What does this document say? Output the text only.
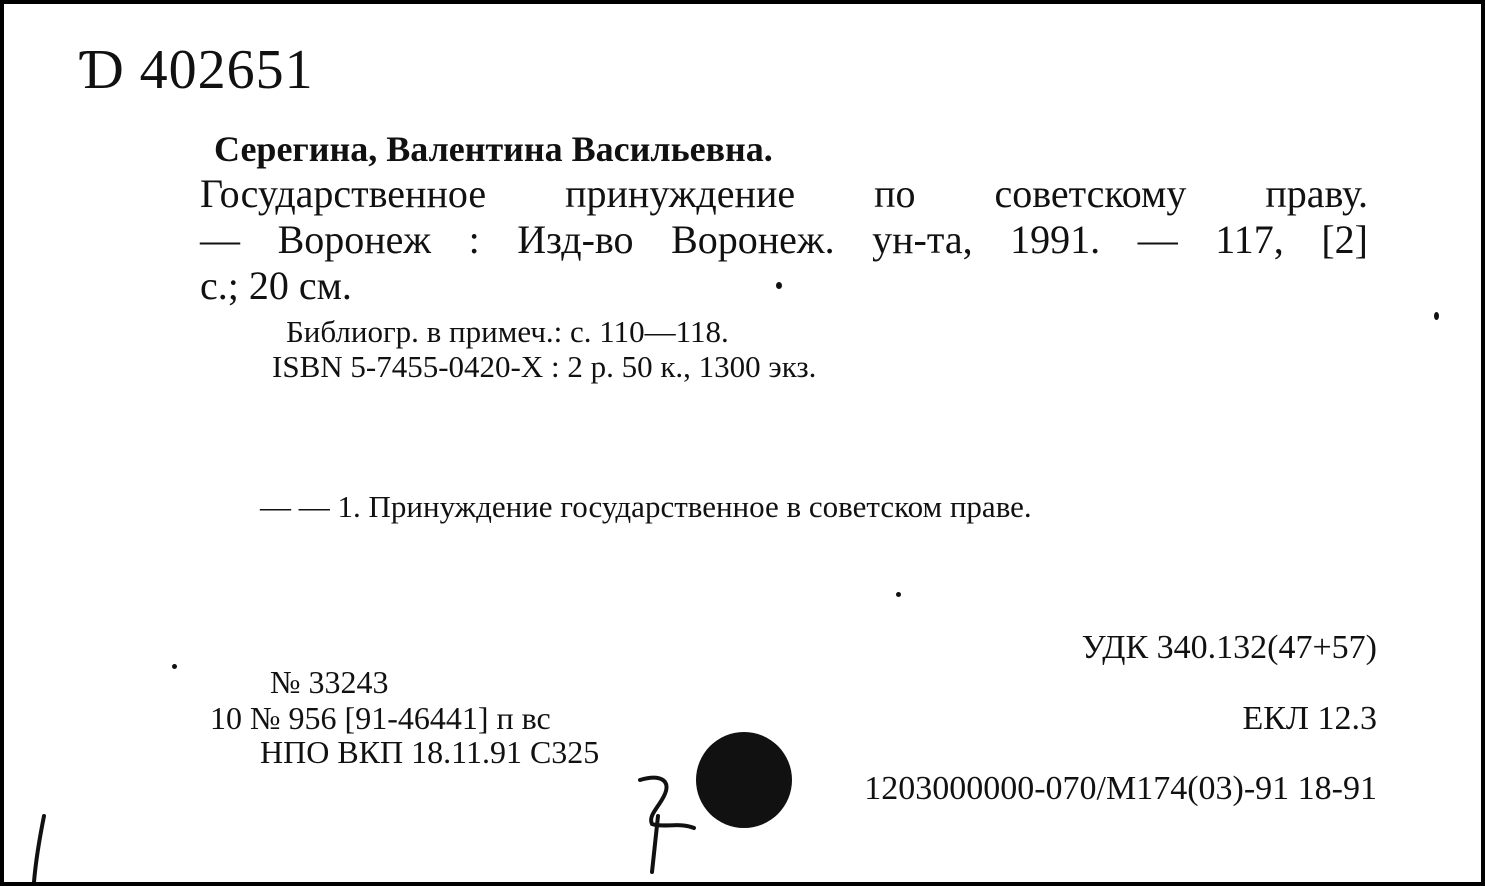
Ɗ 402651
Серегина, Валентина Васильевна.
Государственное принуждение по советскому праву.
— Воронеж : Изд-во Воронеж. ун-та, 1991. — 117, [2]
с.; 20 см.
Библиогр. в примеч.: с. 110—118.
ISBN 5-7455-0420-X : 2 р. 50 к., 1300 экз.
— — 1. Принуждение государственное в советском праве.
УДК 340.132(47+57)
№ 33243
10 № 956 [91-46441] п вс
НПО ВКП 18.11.91 С325
ЕКЛ 12.3
1203000000-070/М174(03)-91 18-91
